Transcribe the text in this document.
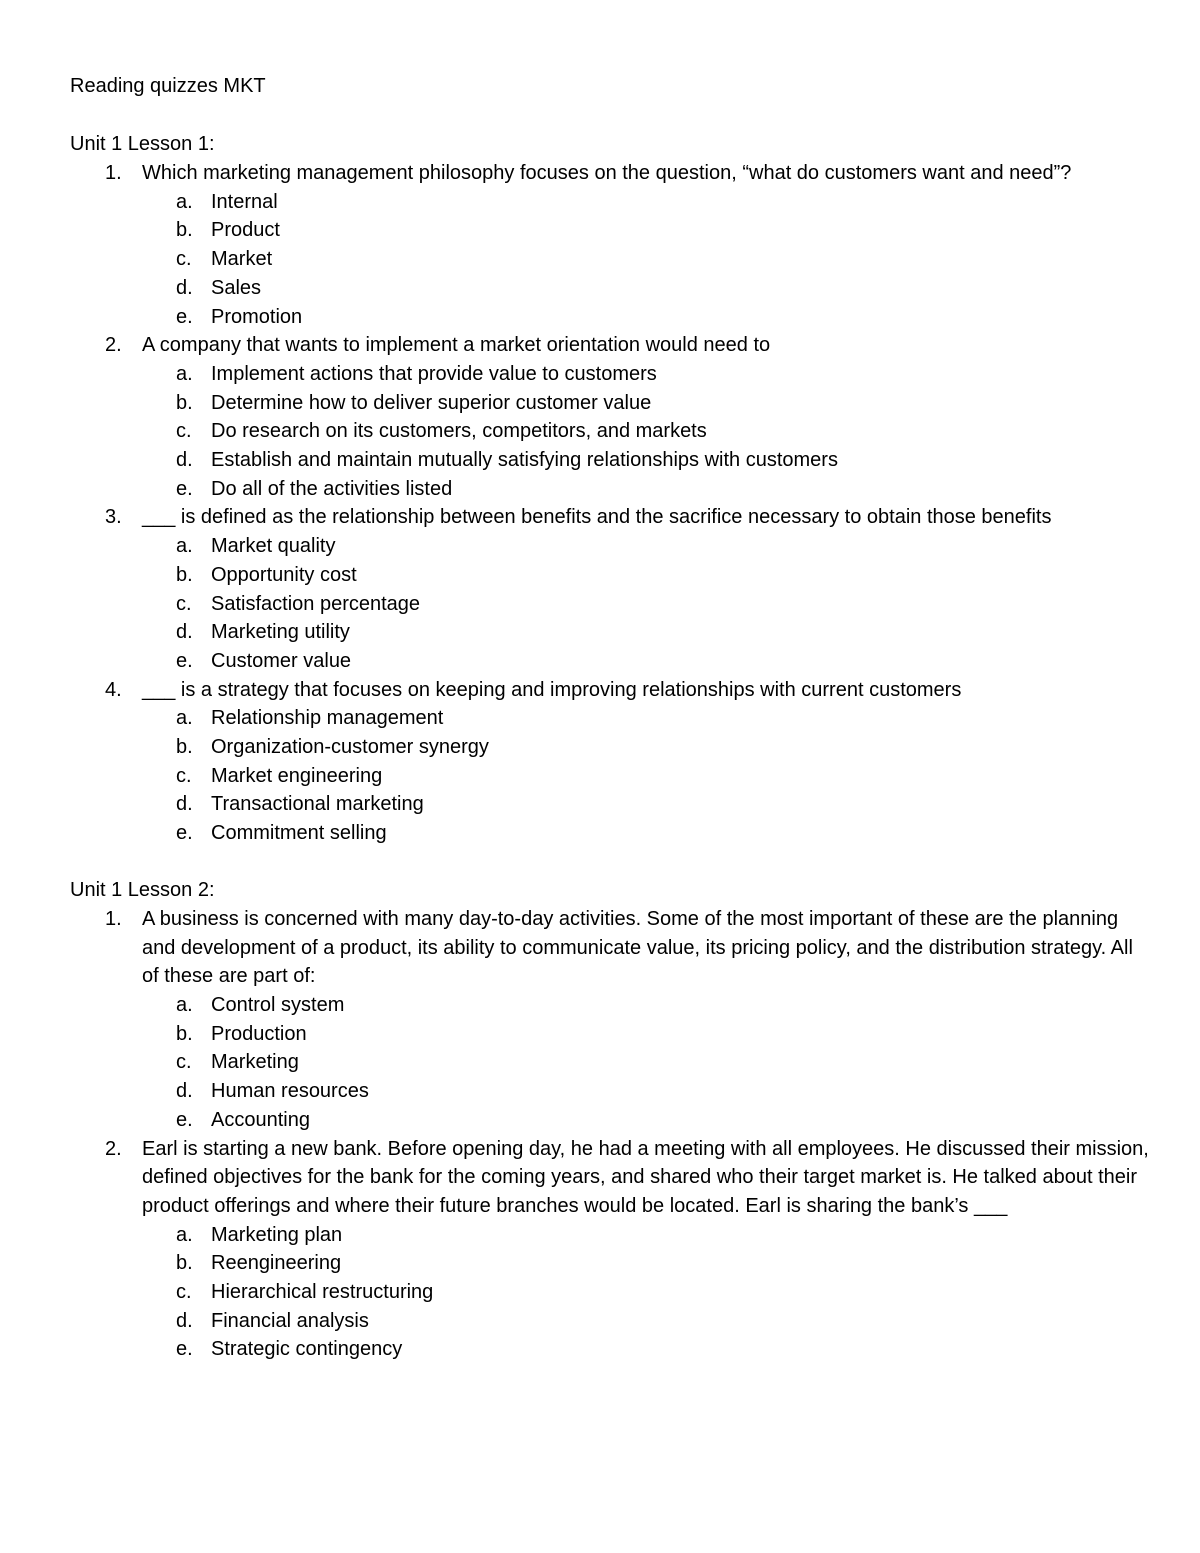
Reading quizzes MKT
Unit 1 Lesson 1:
1. Which marketing management philosophy focuses on the question, “what do customers want and need”?
a. Internal
b. Product
c. Market
d. Sales
e. Promotion
2. A company that wants to implement a market orientation would need to
a. Implement actions that provide value to customers
b. Determine how to deliver superior customer value
c. Do research on its customers, competitors, and markets
d. Establish and maintain mutually satisfying relationships with customers
e. Do all of the activities listed
3. ___ is defined as the relationship between benefits and the sacrifice necessary to obtain those benefits
a. Market quality
b. Opportunity cost
c. Satisfaction percentage
d. Marketing utility
e. Customer value
4. ___ is a strategy that focuses on keeping and improving relationships with current customers
a. Relationship management
b. Organization-customer synergy
c. Market engineering
d. Transactional marketing
e. Commitment selling
Unit 1 Lesson 2:
1. A business is concerned with many day-to-day activities. Some of the most important of these are the planning and development of a product, its ability to communicate value, its pricing policy, and the distribution strategy. All of these are part of:
a. Control system
b. Production
c. Marketing
d. Human resources
e. Accounting
2. Earl is starting a new bank. Before opening day, he had a meeting with all employees. He discussed their mission, defined objectives for the bank for the coming years, and shared who their target market is. He talked about their product offerings and where their future branches would be located. Earl is sharing the bank’s ___
a. Marketing plan
b. Reengineering
c. Hierarchical restructuring
d. Financial analysis
e. Strategic contingency
